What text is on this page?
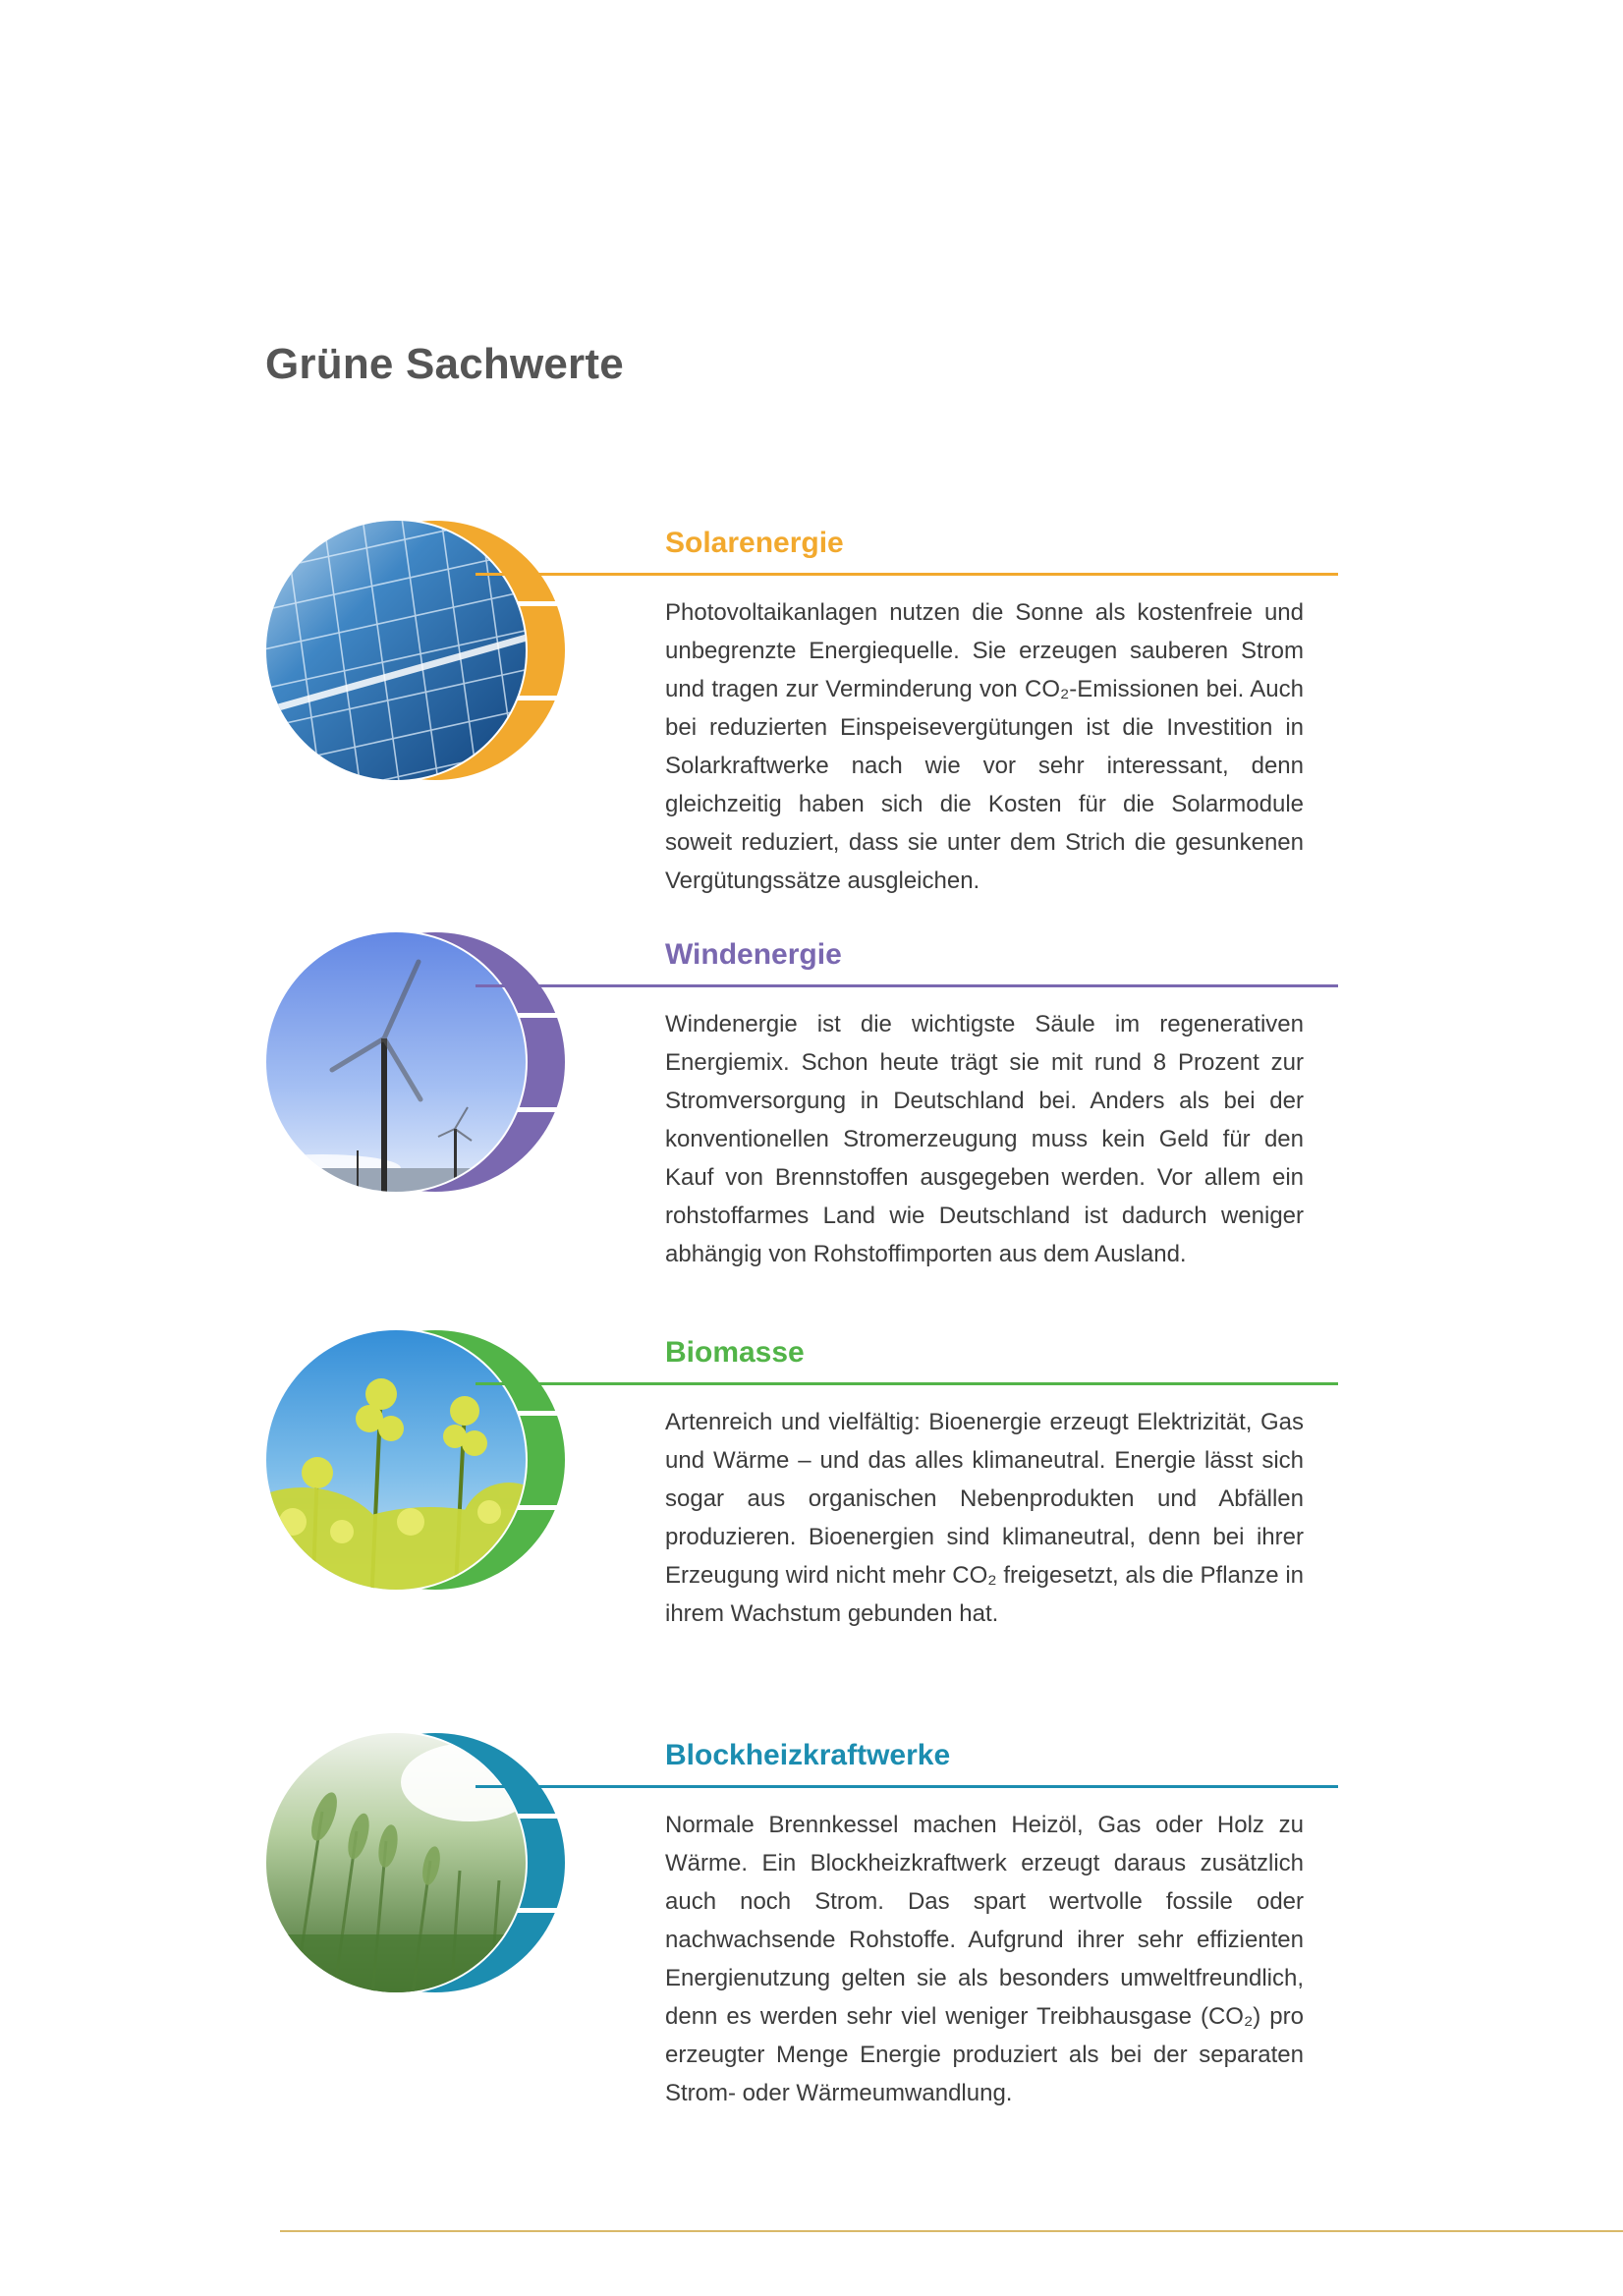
Grüne Sachwerte
Solarenergie

Photovoltaikanlagen nutzen die Sonne als kostenfreie und unbegrenzte Energiequelle. Sie erzeugen sauberen Strom und tragen zur Verminderung von CO₂-Emissionen bei. Auch bei reduzierten Einspeisevergütungen ist die Investition in Solarkraftwerke nach wie vor sehr interessant, denn gleichzeitig haben sich die Kosten für die Solarmodule soweit reduziert, dass sie unter dem Strich die gesunkenen Vergütungssätze ausgleichen.

Windenergie

Windenergie ist die wichtigste Säule im regenerativen Energiemix. Schon heute trägt sie mit rund 8 Prozent zur Stromversorgung in Deutschland bei. Anders als bei der konventionellen Stromerzeugung muss kein Geld für den Kauf von Brennstoffen ausgegeben werden. Vor allem ein rohstoffarmes Land wie Deutschland ist dadurch weniger abhängig von Rohstoffimporten aus dem Ausland.

Biomasse

Artenreich und vielfältig: Bioenergie erzeugt Elektrizität, Gas und Wärme – und das alles klimaneutral. Energie lässt sich sogar aus organischen Nebenprodukten und Abfällen produzieren. Bioenergien sind klimaneutral, denn bei ihrer Erzeugung wird nicht mehr CO₂ freigesetzt, als die Pflanze in ihrem Wachstum gebunden hat.

Blockheizkraftwerke

Normale Brennkessel machen Heizöl, Gas oder Holz zu Wärme. Ein Blockheizkraftwerk erzeugt daraus zusätzlich auch noch Strom. Das spart wertvolle fossile oder nachwachsende Rohstoffe. Aufgrund ihrer sehr effizienten Energienutzung gelten sie als besonders umweltfreundlich, denn es werden sehr viel weniger Treibhausgase (CO₂) pro erzeugter Menge Energie produziert als bei der separaten Strom- oder Wärmeumwandlung.
